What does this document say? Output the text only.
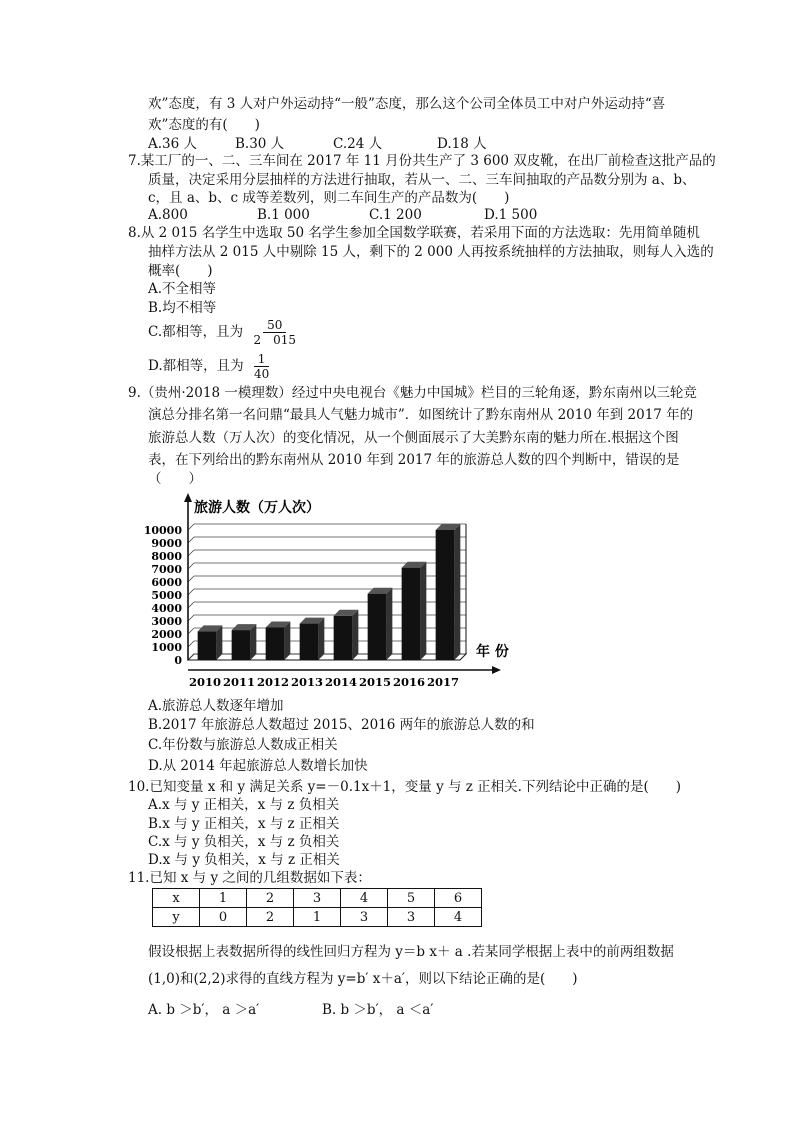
欢”态度，有 3 人对户外运动持“一般”态度，那么这个公司全体员工中对户外运动持“喜
欢”态度的有(　　)
A.36 人	B.30 人	C.24 人	D.18 人
7.某工厂的一、二、三车间在 2017 年 11 月份共生产了 3 600 双皮靴，在出厂前检查这批产品的
质量，决定采用分层抽样的方法进行抽取，若从一、二、三车间抽取的产品数分别为 a、b、
c，且 a、b、c 成等差数列，则二车间生产的产品数为(　　)
A.800	B.1 000	C.1 200	D.1 500
8.从 2 015 名学生中选取 50 名学生参加全国数学联赛，若采用下面的方法选取：先用简单随机
抽样方法从 2 015 人中剔除 15 人，剩下的 2 000 人再按系统抽样的方法抽取，则每人入选的
概率(　　)
A.不全相等
B.均不相等
C.都相等，且为 $\frac{50}{2 015}$
D.都相等，且为 $\frac{1}{40}$
9.（贵州·2018 一模理数）经过中央电视台《魅力中国城》栏目的三轮角逐，黔东南州以三轮竞
演总分排名第一名问鼎“最具人气魅力城市”．如图统计了黔东南州从 2010 年到 2017 年的
旅游总人数（万人次）的变化情况，从一个侧面展示了大美黔东南的魅力所在.根据这个图
表，在下列给出的黔东南州从 2010 年到 2017 年的旅游总人数的四个判断中，错误的是
（　　）
旅游人数（万人次）
年 份
0
1000
2000
3000
4000
5000
6000
7000
8000
9000
10000
2010 2011 2012 2013 2014 2015 2016 2017
A.旅游总人数逐年增加
B.2017 年旅游总人数超过 2015、2016 两年的旅游总人数的和
C.年份数与旅游总人数成正相关
D.从 2014 年起旅游总人数增长加快
10.已知变量 x 和 y 满足关系 y=－0.1x＋1，变量 y 与 z 正相关.下列结论中正确的是(　　)
A.x 与 y 正相关，x 与 z 负相关
B.x 与 y 正相关，x 与 z 正相关
C.x 与 y 负相关，x 与 z 负相关
D.x 与 y 负相关，x 与 z 正相关
11.已知 x 与 y 之间的几组数据如下表：
x	1	2	3	4	5	6
y	0	2	1	3	3	4
假设根据上表数据所得的线性回归方程为 y＝b x＋ a .若某同学根据上表中的前两组数据
(1,0)和(2,2)求得的直线方程为 y=b′ x＋a′，则以下结论正确的是(　　)
A. b ＞b′， a ＞a′	B. b ＞b′， a ＜a′
